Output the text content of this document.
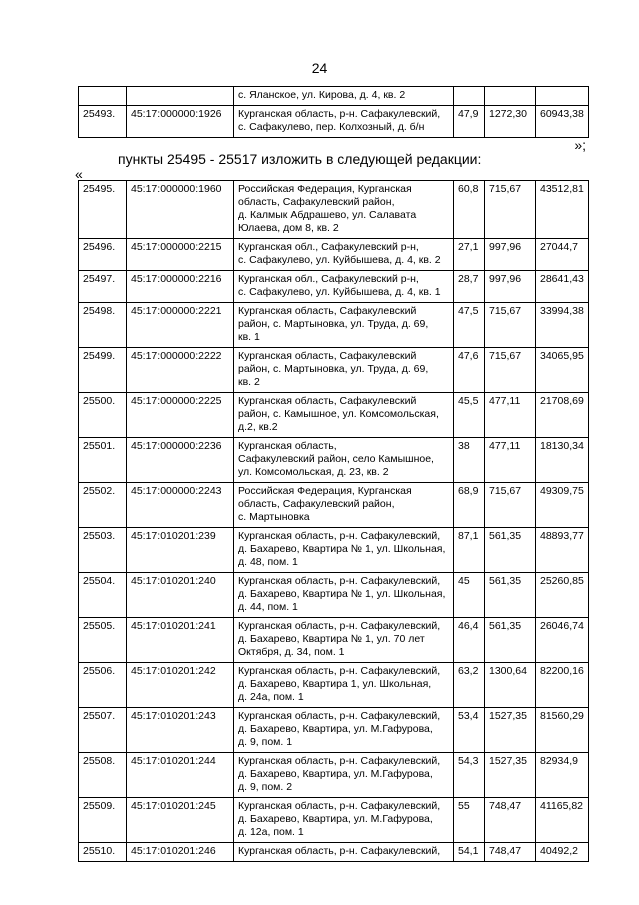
24
		с. Яланское, ул. Кирова, д. 4, кв. 2			
25493.	45:17:000000:1926	Курганская область, р-н. Сафакулевский,
с. Сафакулево, пер. Колхозный, д. б/н	47,9	1272,30	60943,38
»;
пункты 25495 - 25517 изложить в следующей редакции:
«
25495.	45:17:000000:1960	Российская Федерация, Курганская
область, Сафакулевский район,
д. Калмык Абдрашево, ул. Салавата
Юлаева, дом 8, кв. 2	60,8	715,67	43512,81
25496.	45:17:000000:2215	Курганская обл., Сафакулевский р-н,
с. Сафакулево, ул. Куйбышева, д. 4, кв. 2	27,1	997,96	27044,7
25497.	45:17:000000:2216	Курганская обл., Сафакулевский р-н,
с. Сафакулево, ул. Куйбышева, д. 4, кв. 1	28,7	997,96	28641,43
25498.	45:17:000000:2221	Курганская область, Сафакулевский
район, с. Мартыновка, ул. Труда, д. 69,
кв. 1	47,5	715,67	33994,38
25499.	45:17:000000:2222	Курганская область, Сафакулевский
район, с. Мартыновка, ул. Труда, д. 69,
кв. 2	47,6	715,67	34065,95
25500.	45:17:000000:2225	Курганская область, Сафакулевский
район, с. Камышное, ул. Комсомольская,
д.2, кв.2	45,5	477,11	21708,69
25501.	45:17:000000:2236	Курганская область,
Сафакулевский район, село Камышное,
ул. Комсомольская, д. 23, кв. 2	38	477,11	18130,34
25502.	45:17:000000:2243	Российская Федерация, Курганская
область, Сафакулевский район,
с. Мартыновка	68,9	715,67	49309,75
25503.	45:17:010201:239	Курганская область, р-н. Сафакулевский,
д. Бахарево, Квартира № 1, ул. Школьная,
д. 48, пом. 1	87,1	561,35	48893,77
25504.	45:17:010201:240	Курганская область, р-н. Сафакулевский,
д. Бахарево, Квартира № 1, ул. Школьная,
д. 44, пом. 1	45	561,35	25260,85
25505.	45:17:010201:241	Курганская область, р-н. Сафакулевский,
д. Бахарево, Квартира № 1, ул. 70 лет
Октября, д. 34, пом. 1	46,4	561,35	26046,74
25506.	45:17:010201:242	Курганская область, р-н. Сафакулевский,
д. Бахарево, Квартира 1, ул. Школьная,
д. 24а, пом. 1	63,2	1300,64	82200,16
25507.	45:17:010201:243	Курганская область, р-н. Сафакулевский,
д. Бахарево, Квартира, ул. М.Гафурова,
д. 9, пом. 1	53,4	1527,35	81560,29
25508.	45:17:010201:244	Курганская область, р-н. Сафакулевский,
д. Бахарево, Квартира, ул. М.Гафурова,
д. 9, пом. 2	54,3	1527,35	82934,9
25509.	45:17:010201:245	Курганская область, р-н. Сафакулевский,
д. Бахарево, Квартира, ул. М.Гафурова,
д. 12а, пом. 1	55	748,47	41165,82
25510.	45:17:010201:246	Курганская область, р-н. Сафакулевский,	54,1	748,47	40492,2
